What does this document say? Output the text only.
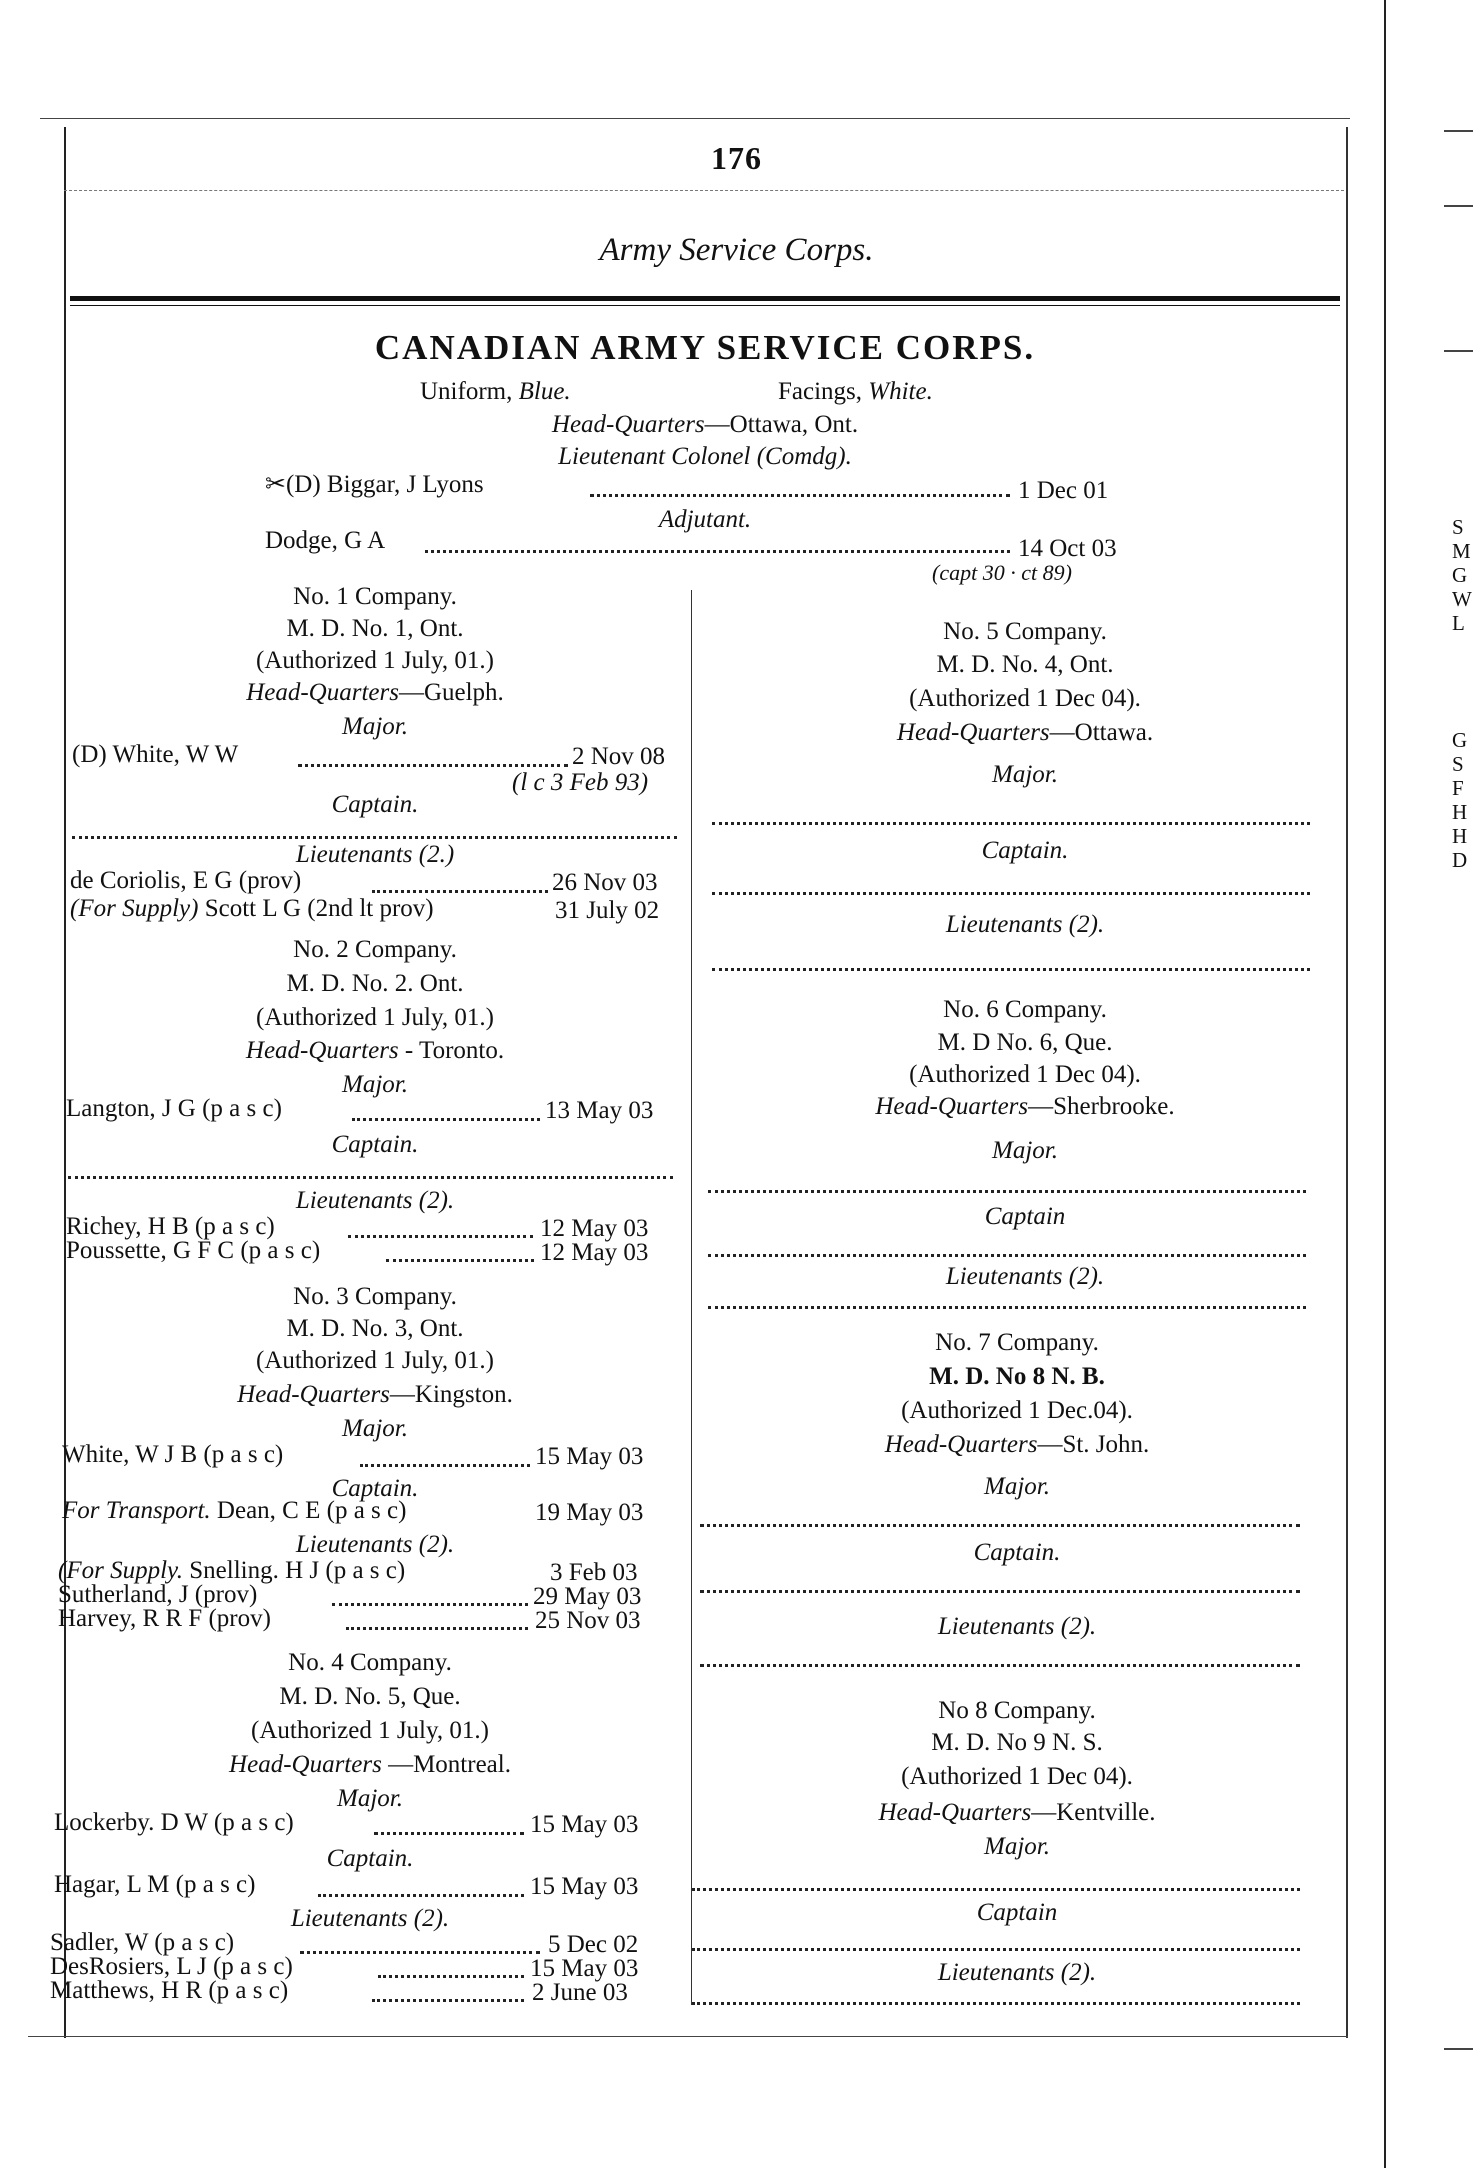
176
Army Service Corps.
S
M
G
W
L
G
S
F
H
H
D
CANADIAN ARMY SERVICE CORPS.
Uniform, Blue.	Facings, White.
Head-Quarters—Ottawa, Ont.
Lieutenant Colonel (Comdg).
✂(D) Biggar, J Lyons	1 Dec 01
Adjutant.
Dodge, G A	14 Oct 03
(capt 30 · ct 89)
No. 1 Company.
M. D. No. 1, Ont.
(Authorized 1 July, 01.)
Head-Quarters—Guelph.
Major.
(D) White, W W	2 Nov 08
(l c 3 Feb 93)
Captain.
Lieutenants (2.)
de Coriolis, E G (prov)	26 Nov 03
(For Supply) Scott L G (2nd lt prov)	31 July 02
No. 2 Company.
M. D. No. 2. Ont.
(Authorized 1 July, 01.)
Head-Quarters - Toronto.
Major.
Langton, J G (p a s c)	13 May 03
Captain.
Lieutenants (2).
Richey, H B (p a s c)	12 May 03
Poussette, G F C (p a s c)	12 May 03
No. 3 Company.
M. D. No. 3, Ont.
(Authorized 1 July, 01.)
Head-Quarters—Kingston.
Major.
White, W J B (p a s c)	15 May 03
Captain.
For Transport. Dean, C E (p a s c)	19 May 03
Lieutenants (2).
(For Supply. Snelling. H J (p a s c)	3 Feb 03
Sutherland, J (prov)	29 May 03
Harvey, R R F (prov)	25 Nov 03
No. 4 Company.
M. D. No. 5, Que.
(Authorized 1 July, 01.)
Head-Quarters —Montreal.
Major.
Lockerby. D W (p a s c)	15 May 03
Captain.
Hagar, L M (p a s c)	15 May 03
Lieutenants (2).
Sadler, W (p a s c)	5 Dec 02
DesRosiers, L J (p a s c)	15 May 03
Matthews, H R (p a s c)	2 June 03
No. 5 Company.
M. D. No. 4, Ont.
(Authorized 1 Dec 04).
Head-Quarters—Ottawa.
Major.
Captain.
Lieutenants (2).
No. 6 Company.
M. D No. 6, Que.
(Authorized 1 Dec 04).
Head-Quarters—Sherbrooke.
Major.
Captain
Lieutenants (2).
No. 7 Company.
M. D. No 8 N. B.
(Authorized 1 Dec.04).
Head-Quarters—St. John.
Major.
Captain.
Lieutenants (2).
No 8 Company.
M. D. No 9 N. S.
(Authorized 1 Dec 04).
Head-Quarters—Kentville.
Major.
Captain
Lieutenants (2).
